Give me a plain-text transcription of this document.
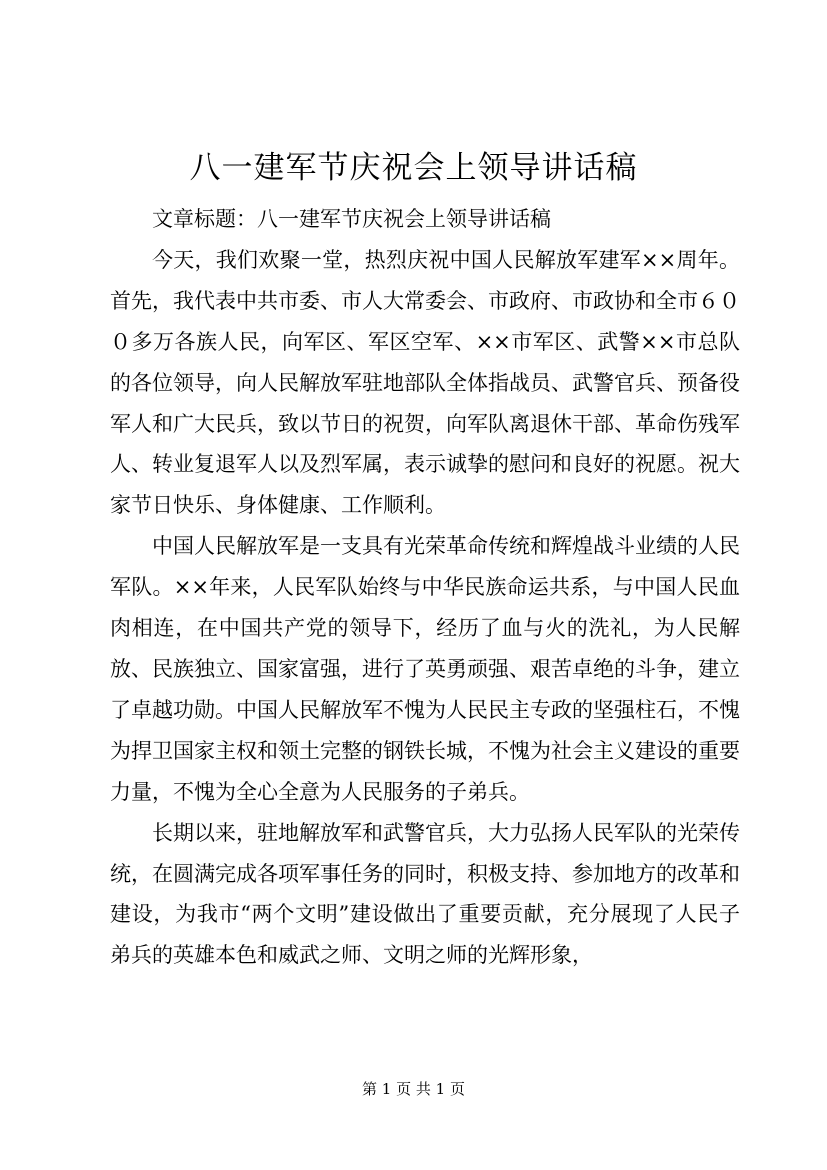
八一建军节庆祝会上领导讲话稿

文章标题：八一建军节庆祝会上领导讲话稿

今天，我们欢聚一堂，热烈庆祝中国人民解放军建军××周年。首先，我代表中共市委、市人大常委会、市政府、市政协和全市６００多万各族人民，向军区、军区空军、××市军区、武警××市总队的各位领导，向人民解放军驻地部队全体指战员、武警官兵、预备役军人和广大民兵，致以节日的祝贺，向军队离退休干部、革命伤残军人、转业复退军人以及烈军属，表示诚挚的慰问和良好的祝愿。祝大家节日快乐、身体健康、工作顺利。

中国人民解放军是一支具有光荣革命传统和辉煌战斗业绩的人民军队。××年来，人民军队始终与中华民族命运共系，与中国人民血肉相连，在中国共产党的领导下，经历了血与火的洗礼，为人民解放、民族独立、国家富强，进行了英勇顽强、艰苦卓绝的斗争，建立了卓越功勋。中国人民解放军不愧为人民民主专政的坚强柱石，不愧为捍卫国家主权和领土完整的钢铁长城，不愧为社会主义建设的重要力量，不愧为全心全意为人民服务的子弟兵。

长期以来，驻地解放军和武警官兵，大力弘扬人民军队的光荣传统，在圆满完成各项军事任务的同时，积极支持、参加地方的改革和建设，为我市“两个文明”建设做出了重要贡献，充分展现了人民子弟兵的英雄本色和威武之师、文明之师的光辉形象，

第 1 页 共 1 页
